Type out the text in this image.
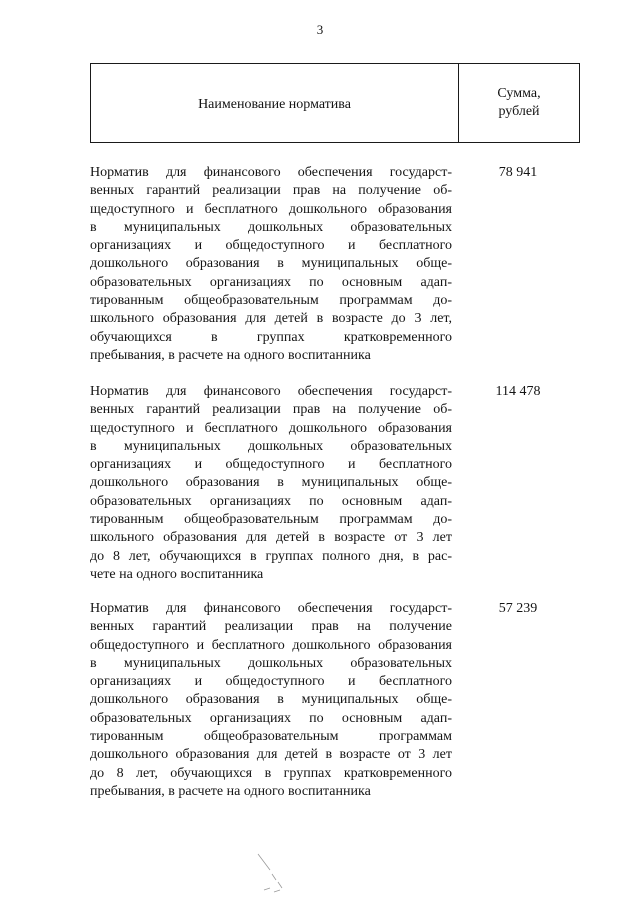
3
Наименование норматива
Сумма,
рублей
Норматив для финансового обеспечения государст-
венных гарантий реализации прав на получение об-
щедоступного и бесплатного дошкольного образования
в муниципальных дошкольных образовательных
организациях и общедоступного и бесплатного
дошкольного образования в муниципальных обще-
образовательных организациях по основным адап-
тированным общеобразовательным программам до-
школьного образования для детей в возрасте до 3 лет,
обучающихся в группах кратковременного
пребывания, в расчете на одного воспитанника
78 941
Норматив для финансового обеспечения государст-
венных гарантий реализации прав на получение об-
щедоступного и бесплатного дошкольного образования
в муниципальных дошкольных образовательных
организациях и общедоступного и бесплатного
дошкольного образования в муниципальных обще-
образовательных организациях по основным адап-
тированным общеобразовательным программам до-
школьного образования для детей в возрасте от 3 лет
до 8 лет, обучающихся в группах полного дня, в рас-
чете на одного воспитанника
114 478
Норматив для финансового обеспечения государст-
венных гарантий реализации прав на получение
общедоступного и бесплатного дошкольного образования
в муниципальных дошкольных образовательных
организациях и общедоступного и бесплатного
дошкольного образования в муниципальных обще-
образовательных организациях по основным адап-
тированным общеобразовательным программам
дошкольного образования для детей в возрасте от 3 лет
до 8 лет, обучающихся в группах кратковременного
пребывания, в расчете на одного воспитанника
57 239
